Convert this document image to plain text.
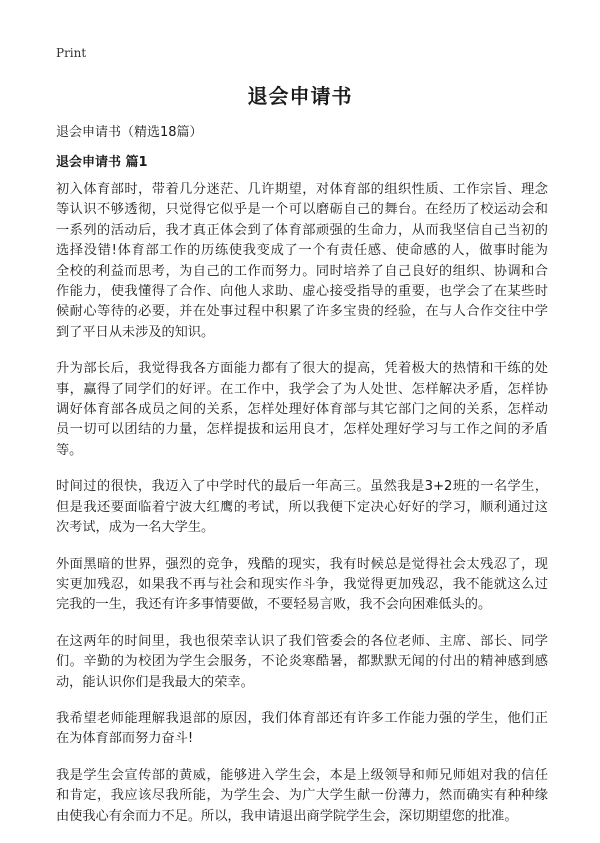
Print
退会申请书
退会申请书（精选18篇）
退会申请书 篇1
初入体育部时，带着几分迷茫、几许期望，对体育部的组织性质、工作宗旨、理念
等认识不够透彻，只觉得它似乎是一个可以磨砺自己的舞台。在经历了校运动会和
一系列的活动后，我才真正体会到了体育部顽强的生命力，从而我坚信自己当初的
选择没错!体育部工作的历练使我变成了一个有责任感、使命感的人，做事时能为
全校的利益而思考，为自己的工作而努力。同时培养了自己良好的组织、协调和合
作能力，使我懂得了合作、向他人求助、虚心接受指导的重要，也学会了在某些时
候耐心等待的必要，并在处事过程中积累了许多宝贵的经验，在与人合作交往中学
到了平日从未涉及的知识。
升为部长后，我觉得我各方面能力都有了很大的提高，凭着极大的热情和干练的处
事，赢得了同学们的好评。在工作中，我学会了为人处世、怎样解决矛盾，怎样协
调好体育部各成员之间的关系，怎样处理好体育部与其它部门之间的关系，怎样动
员一切可以团结的力量，怎样提拔和运用良才，怎样处理好学习与工作之间的矛盾
等。
时间过的很快，我迈入了中学时代的最后一年高三。虽然我是3+2班的一名学生，
但是我还要面临着宁波大红鹰的考试，所以我便下定决心好好的学习，顺利通过这
次考试，成为一名大学生。
外面黑暗的世界，强烈的竞争，残酷的现实，我有时候总是觉得社会太残忍了，现
实更加残忍，如果我不再与社会和现实作斗争，我觉得更加残忍，我不能就这么过
完我的一生，我还有许多事情要做，不要轻易言败，我不会向困难低头的。
在这两年的时间里，我也很荣幸认识了我们管委会的各位老师、主席、部长、同学
们。辛勤的为校团为学生会服务，不论炎寒酷暑，都默默无闻的付出的精神感到感
动，能认识你们是我最大的荣幸。
我希望老师能理解我退部的原因，我们体育部还有许多工作能力强的学生，他们正
在为体育部而努力奋斗!
我是学生会宣传部的黄威，能够进入学生会，本是上级领导和师兄师姐对我的信任
和肯定，我应该尽我所能，为学生会、为广大学生献一份薄力，然而确实有种种缘
由使我心有余而力不足。所以，我申请退出商学院学生会，深切期望您的批准。
